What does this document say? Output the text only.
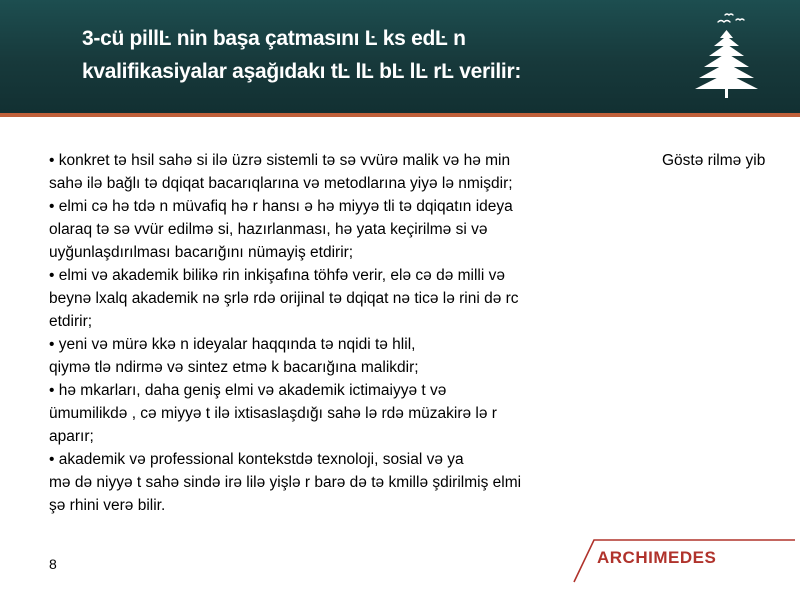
3-cü pillĿ nin başa çatmasını Ŀ ks edĿ n
kvalifikasiyalar aşağıdakı tĿ lĿ bĿ lĿ rĿ verilir:
• konkret tə hsil sahə si ilə üzrə sistemli tə sə vvürə malik və hə min
sahə ilə bağlı tə dqiqat bacarıqlarına və metodlarına yiyə lə nmişdir;
• elmi cə hə tdə n müvafiq hə r hansı ə hə miyyə tli tə dqiqatın ideya
olaraq tə sə vvür edilmə si, hazırlanması, hə yata keçirilmə si və
uyğunlaşdırılması bacarığını nümayiş etdirir;
• elmi və akademik bilikə rin inkişafına töhfə verir, elə cə də milli və
beynə lxalq akademik nə şrlə rdə orijinal tə dqiqat nə ticə lə rini də rc
etdirir;
• yeni və mürə kkə n ideyalar haqqında tə nqidi tə hlil,
qiymə tlə ndirmə və sintez etmə k bacarığına malikdir;
• hə mkarları, daha geniş elmi və akademik ictimaiyyə t və
ümumilikdə , cə miyyə t ilə ixtisaslaşdığı sahə lə rdə müzakirə lə r
aparır;
• akademik və professional kontekstdə texnoloji, sosial və ya
mə də niyyə t sahə sində irə lilə yişlə r barə də tə kmillə şdirilmiş elmi
şə rhini verə bilir.
Göstə rilmə yib
8	ARCHIMEDES
